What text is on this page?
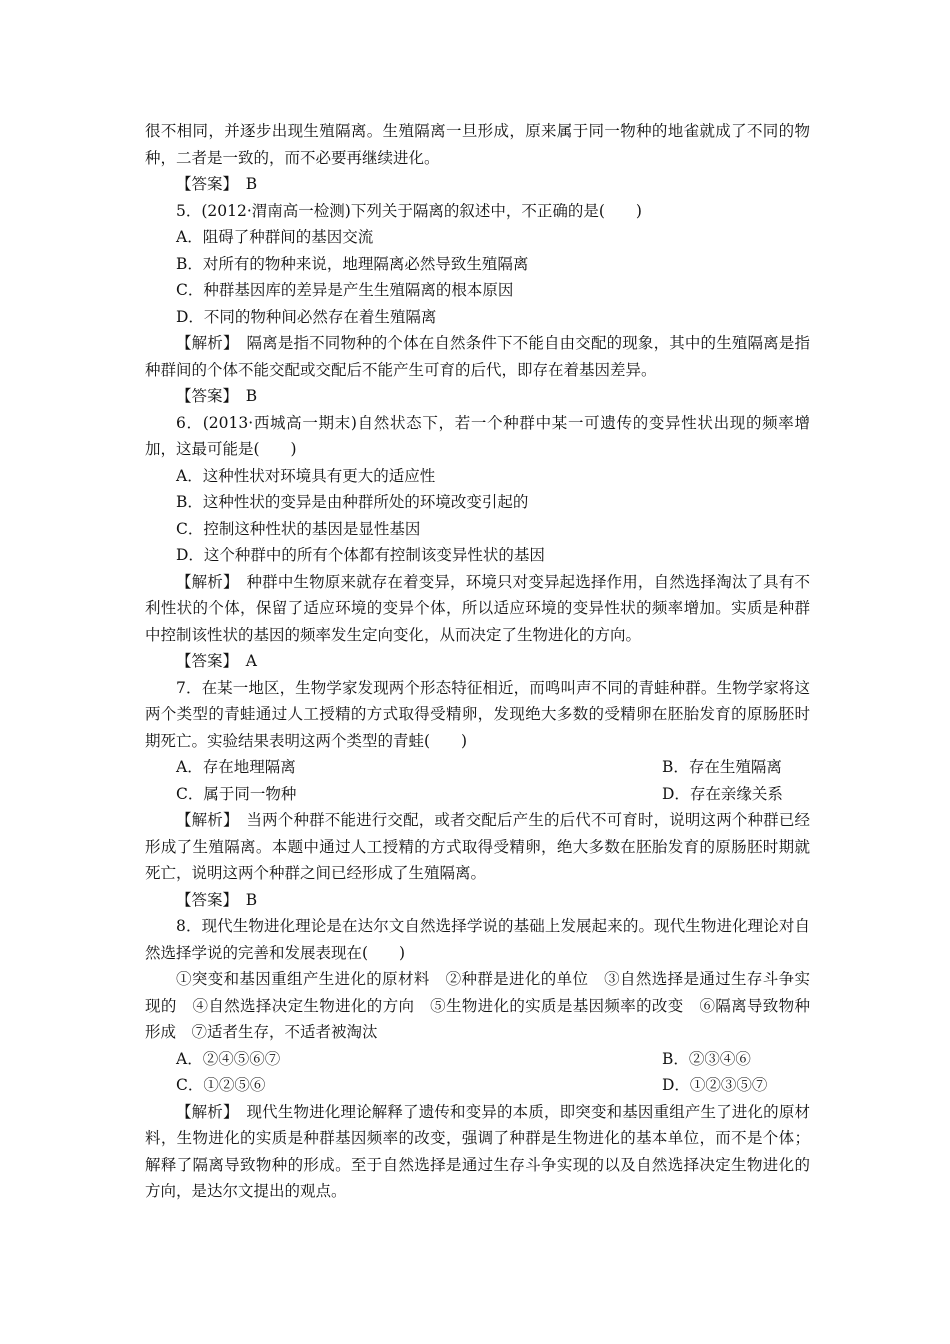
很不相同，并逐步出现生殖隔离。生殖隔离一旦形成，原来属于同一物种的地雀就成了不同的物种，二者是一致的，而不必要再继续进化。

【答案】　B

5．(2012·渭南高一检测)下列关于隔离的叙述中，不正确的是(　　)

A．阻碍了种群间的基因交流

B．对所有的物种来说，地理隔离必然导致生殖隔离

C．种群基因库的差异是产生生殖隔离的根本原因

D．不同的物种间必然存在着生殖隔离

【解析】　隔离是指不同物种的个体在自然条件下不能自由交配的现象，其中的生殖隔离是指种群间的个体不能交配或交配后不能产生可育的后代，即存在着基因差异。

【答案】　B

6．(2013·西城高一期末)自然状态下，若一个种群中某一可遗传的变异性状出现的频率增加，这最可能是(　　)

A．这种性状对环境具有更大的适应性

B．这种性状的变异是由种群所处的环境改变引起的

C．控制这种性状的基因是显性基因

D．这个种群中的所有个体都有控制该变异性状的基因

【解析】　种群中生物原来就存在着变异，环境只对变异起选择作用，自然选择淘汰了具有不利性状的个体，保留了适应环境的变异个体，所以适应环境的变异性状的频率增加。实质是种群中控制该性状的基因的频率发生定向变化，从而决定了生物进化的方向。

【答案】　A

7．在某一地区，生物学家发现两个形态特征相近，而鸣叫声不同的青蛙种群。生物学家将这两个类型的青蛙通过人工授精的方式取得受精卵，发现绝大多数的受精卵在胚胎发育的原肠胚时期死亡。实验结果表明这两个类型的青蛙(　　)

A．存在地理隔离	B．存在生殖隔离
C．属于同一物种	D．存在亲缘关系

【解析】　当两个种群不能进行交配，或者交配后产生的后代不可育时，说明这两个种群已经形成了生殖隔离。本题中通过人工授精的方式取得受精卵，绝大多数在胚胎发育的原肠胚时期就死亡，说明这两个种群之间已经形成了生殖隔离。

【答案】　B

8．现代生物进化理论是在达尔文自然选择学说的基础上发展起来的。现代生物进化理论对自然选择学说的完善和发展表现在(　　)

①突变和基因重组产生进化的原材料　②种群是进化的单位　③自然选择是通过生存斗争实现的　④自然选择决定生物进化的方向　⑤生物进化的实质是基因频率的改变　⑥隔离导致物种形成　⑦适者生存，不适者被淘汰

A．②④⑤⑥⑦	B．②③④⑥
C．①②⑤⑥	D．①②③⑤⑦

【解析】　现代生物进化理论解释了遗传和变异的本质，即突变和基因重组产生了进化的原材料，生物进化的实质是种群基因频率的改变，强调了种群是生物进化的基本单位，而不是个体；解释了隔离导致物种的形成。至于自然选择是通过生存斗争实现的以及自然选择决定生物进化的方向，是达尔文提出的观点。
